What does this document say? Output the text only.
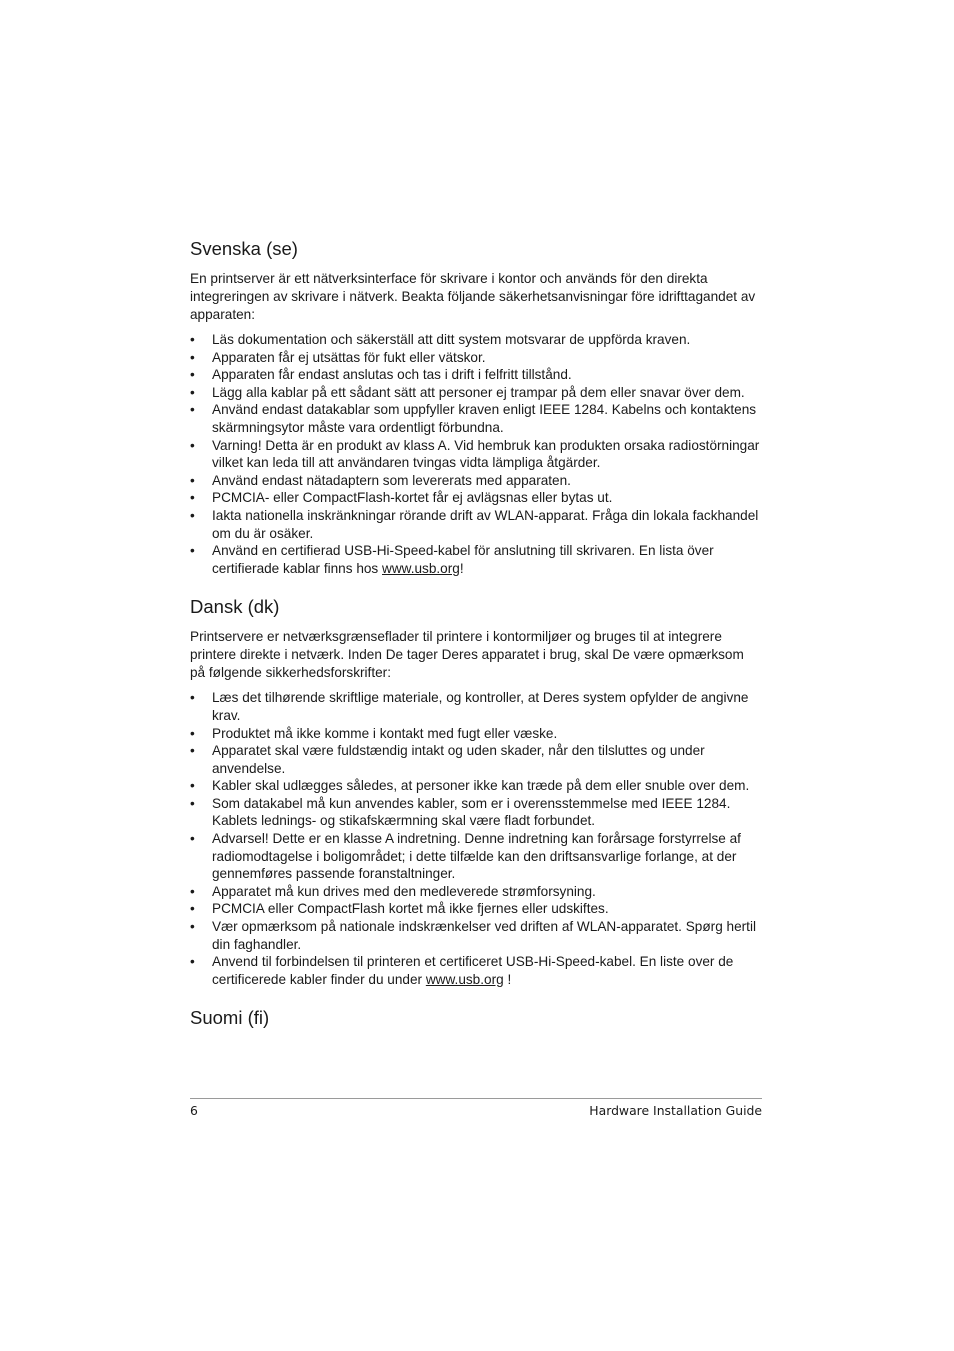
Svenska (se)

En printserver är ett nätverksinterface för skrivare i kontor och används för den direkta integreringen av skrivare i nätverk. Beakta följande säkerhetsanvisningar före idrifttagandet av apparaten:

• Läs dokumentation och säkerställ att ditt system motsvarar de uppförda kraven.
• Apparaten får ej utsättas för fukt eller vätskor.
• Apparaten får endast anslutas och tas i drift i felfritt tillstånd.
• Lägg alla kablar på ett sådant sätt att personer ej trampar på dem eller snavar över dem.
• Använd endast datakablar som uppfyller kraven enligt IEEE 1284. Kabelns och kontaktens skärmningsytor måste vara ordentligt förbundna.
• Varning! Detta är en produkt av klass A. Vid hembruk kan produkten orsaka radiostörningar vilket kan leda till att användaren tvingas vidta lämpliga åtgärder.
• Använd endast nätadaptern som levererats med apparaten.
• PCMCIA- eller CompactFlash-kortet får ej avlägsnas eller bytas ut.
• Iakta nationella inskränkningar rörande drift av WLAN-apparat. Fråga din lokala fackhandel om du är osäker.
• Använd en certifierad USB-Hi-Speed-kabel för anslutning till skrivaren. En lista över certifierade kablar finns hos www.usb.org!
Dansk (dk)

Printservere er netværksgrænseflader til printere i kontormiljøer og bruges til at integrere printere direkte i netværk. Inden De tager Deres apparatet i brug, skal De være opmærksom på følgende sikkerhedsforskrifter:

• Læs det tilhørende skriftlige materiale, og kontroller, at Deres system opfylder de angivne krav.
• Produktet må ikke komme i kontakt med fugt eller væske.
• Apparatet skal være fuldstændig intakt og uden skader, når den tilsluttes og under anvendelse.
• Kabler skal udlægges således, at personer ikke kan træde på dem eller snuble over dem.
• Som datakabel må kun anvendes kabler, som er i overensstemmelse med IEEE 1284. Kablets lednings- og stikafskærmning skal være fladt forbundet.
• Advarsel! Dette er en klasse A indretning. Denne indretning kan forårsage forstyrrelse af radiomodtagelse i boligområdet; i dette tilfælde kan den driftsansvarlige forlange, at der gennemføres passende foranstaltninger.
• Apparatet må kun drives med den medleverede strømforsyning.
• PCMCIA eller CompactFlash kortet må ikke fjernes eller udskiftes.
• Vær opmærksom på nationale indskrænkelser ved driften af WLAN-apparatet. Spørg hertil din faghandler.
• Anvend til forbindelsen til printeren et certificeret USB-Hi-Speed-kabel. En liste over de certificerede kabler finder du under www.usb.org !
Suomi (fi)
6	Hardware Installation Guide
